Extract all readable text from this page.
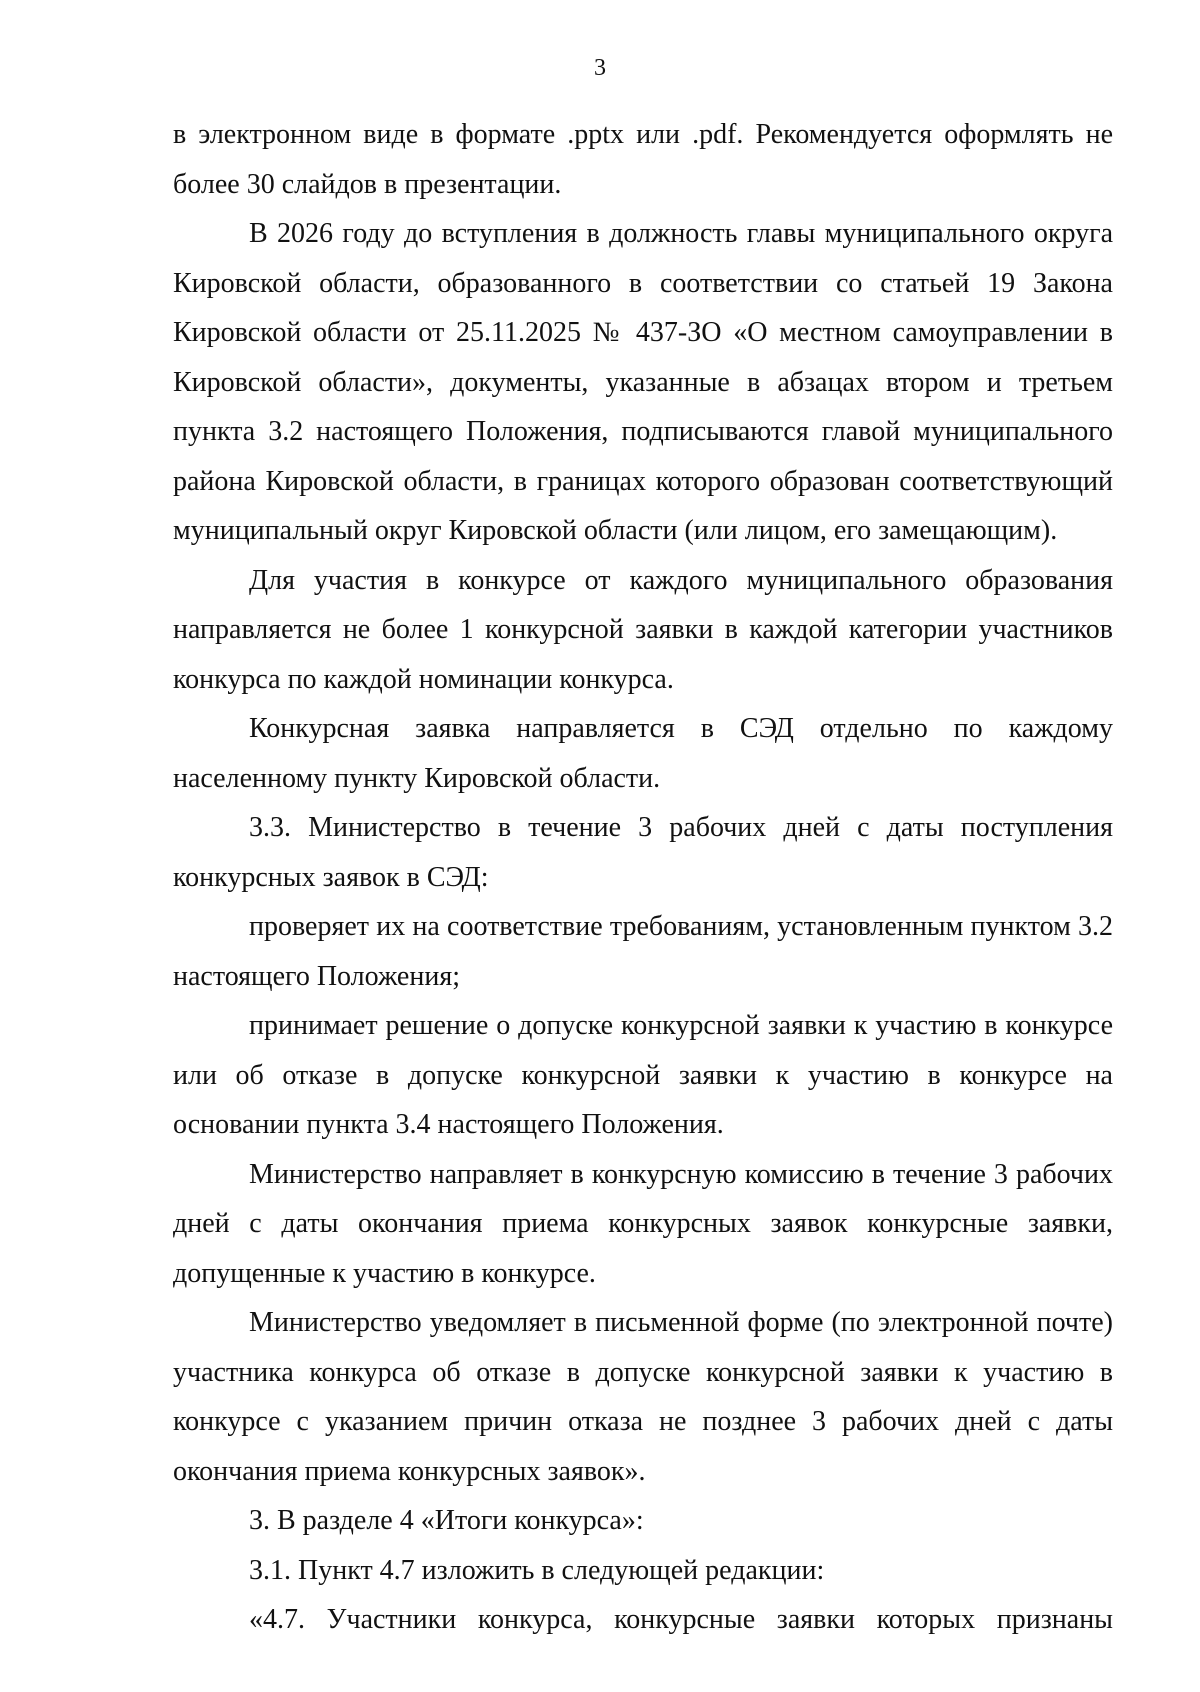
3

в электронном виде в формате .pptx или .pdf. Рекомендуется оформлять не более 30 слайдов в презентации.

В 2026 году до вступления в должность главы муниципального округа Кировской области, образованного в соответствии со статьей 19 Закона Кировской области от 25.11.2025 № 437-ЗО «О местном самоуправлении в Кировской области», документы, указанные в абзацах втором и третьем пункта 3.2 настоящего Положения, подписываются главой муниципального района Кировской области, в границах которого образован соответствующий муниципальный округ Кировской области (или лицом, его замещающим).

Для участия в конкурсе от каждого муниципального образования направляется не более 1 конкурсной заявки в каждой категории участников конкурса по каждой номинации конкурса.

Конкурсная заявка направляется в СЭД отдельно по каждому населенному пункту Кировской области.

3.3. Министерство в течение 3 рабочих дней с даты поступления конкурсных заявок в СЭД:

проверяет их на соответствие требованиям, установленным пунктом 3.2 настоящего Положения;

принимает решение о допуске конкурсной заявки к участию в конкурсе или об отказе в допуске конкурсной заявки к участию в конкурсе на основании пункта 3.4 настоящего Положения.

Министерство направляет в конкурсную комиссию в течение 3 рабочих дней с даты окончания приема конкурсных заявок конкурсные заявки, допущенные к участию в конкурсе.

Министерство уведомляет в письменной форме (по электронной почте) участника конкурса об отказе в допуске конкурсной заявки к участию в конкурсе с указанием причин отказа не позднее 3 рабочих дней с даты окончания приема конкурсных заявок».

3. В разделе 4 «Итоги конкурса»:

3.1. Пункт 4.7 изложить в следующей редакции:

«4.7. Участники конкурса, конкурсные заявки которых признаны
